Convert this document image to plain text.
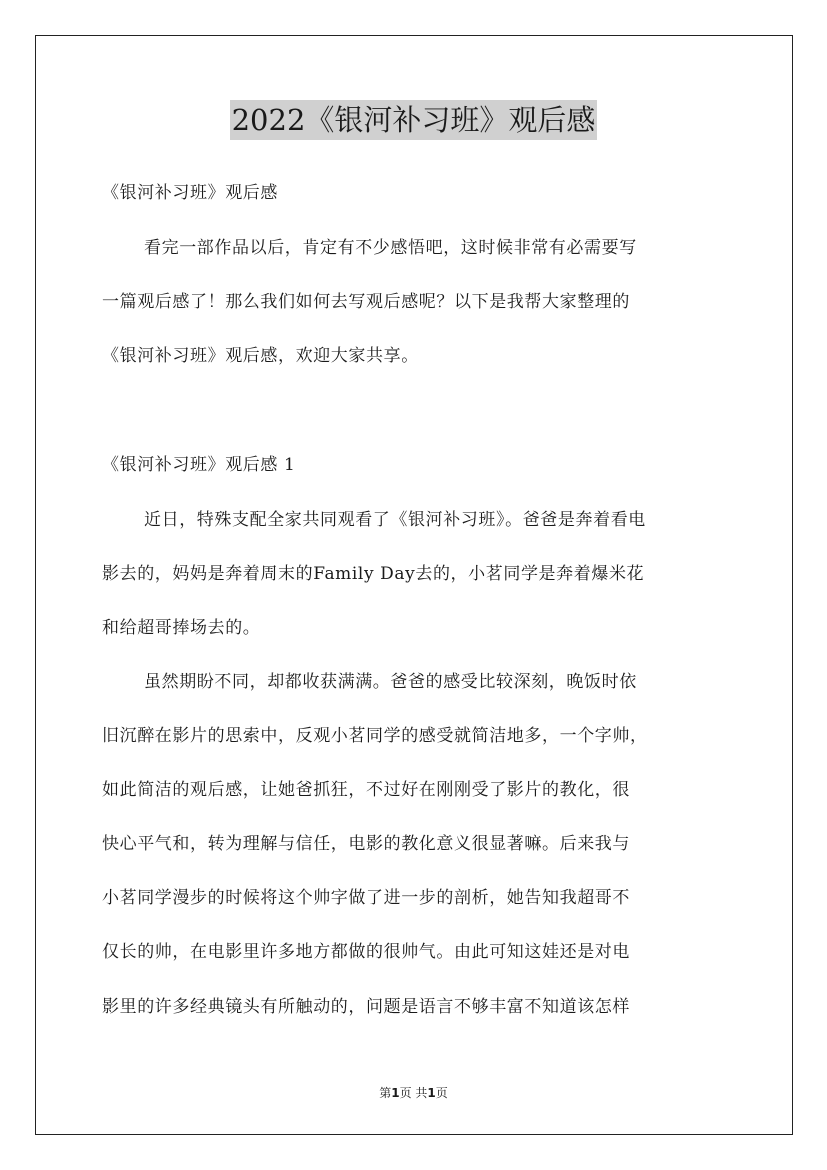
2022《银河补习班》观后感
《银河补习班》观后感
看完一部作品以后，肯定有不少感悟吧，这时候非常有必需要写
一篇观后感了！那么我们如何去写观后感呢？以下是我帮大家整理的
《银河补习班》观后感，欢迎大家共享。
《银河补习班》观后感 1
近日，特殊支配全家共同观看了《银河补习班》。爸爸是奔着看电
影去的，妈妈是奔着周末的Family Day去的，小茗同学是奔着爆米花
和给超哥捧场去的。
虽然期盼不同，却都收获满满。爸爸的感受比较深刻，晚饭时依
旧沉醉在影片的思索中，反观小茗同学的感受就简洁地多，一个字帅，
如此简洁的观后感，让她爸抓狂，不过好在刚刚受了影片的教化，很
快心平气和，转为理解与信任，电影的教化意义很显著嘛。后来我与
小茗同学漫步的时候将这个帅字做了进一步的剖析，她告知我超哥不
仅长的帅，在电影里许多地方都做的很帅气。由此可知这娃还是对电
影里的许多经典镜头有所触动的，问题是语言不够丰富不知道该怎样
第1页 共1页
